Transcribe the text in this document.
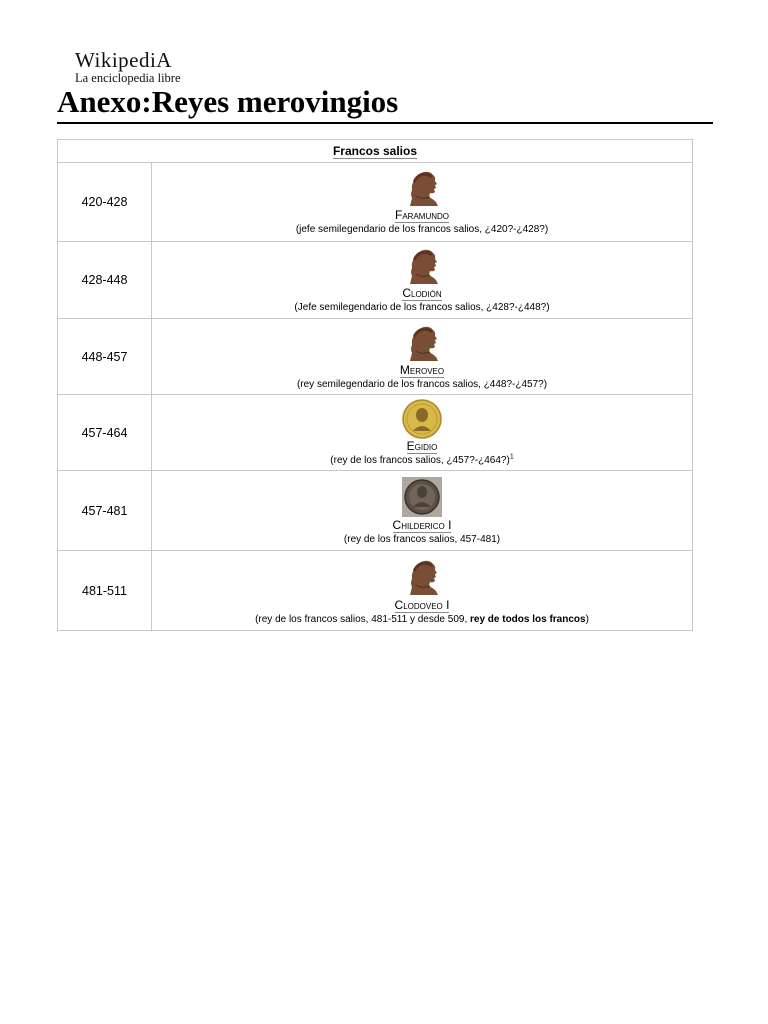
WikipediA
La enciclopedia libre
Anexo:Reyes merovingios
Francos salios	
420-428	Faramundo
(jefe semilegendario de los francos salios, ¿420?-¿428?)

428-448	Clodión
(Jefe semilegendario de los francos salios, ¿428?-¿448?)

448-457	Meroveo
(rey semilegendario de los francos salios, ¿448?-¿457?)

457-464	Egidio
(rey de los francos salios, ¿457?-¿464?)$^1$

457-481	Childerico I
(rey de los francos salios, 457-481)

481-511	Clodoveo I
(rey de los francos salios, 481-511 y desde 509, rey de todos los francos)
